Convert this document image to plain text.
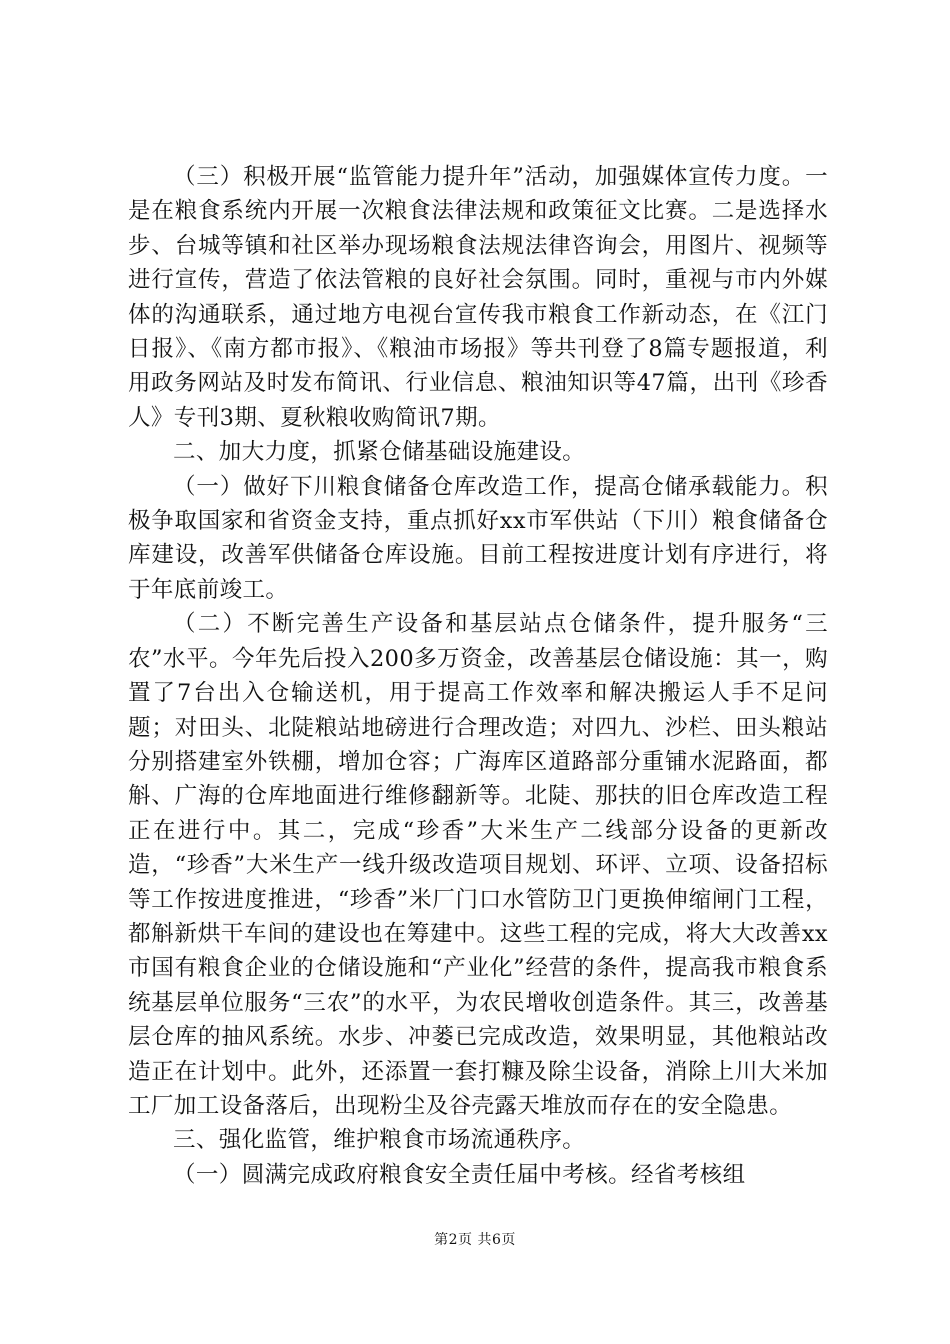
（三）积极开展“监管能力提升年”活动，加强媒体宣传力度。一是在粮食系统内开展一次粮食法律法规和政策征文比赛。二是选择水步、台城等镇和社区举办现场粮食法规法律咨询会，用图片、视频等进行宣传，营造了依法管粮的良好社会氛围。同时，重视与市内外媒体的沟通联系，通过地方电视台宣传我市粮食工作新动态，在《江门日报》、《南方都市报》、《粮油市场报》等共刊登了8篇专题报道，利用政务网站及时发布简讯、行业信息、粮油知识等47篇，出刊《珍香人》专刊3期、夏秋粮收购简讯7期。

二、加大力度，抓紧仓储基础设施建设。

（一）做好下川粮食储备仓库改造工作，提高仓储承载能力。积极争取国家和省资金支持，重点抓好xx市军供站（下川）粮食储备仓库建设，改善军供储备仓库设施。目前工程按进度计划有序进行，将于年底前竣工。

（二）不断完善生产设备和基层站点仓储条件，提升服务“三农”水平。今年先后投入200多万资金，改善基层仓储设施：其一，购置了7台出入仓输送机，用于提高工作效率和解决搬运人手不足问题；对田头、北陡粮站地磅进行合理改造；对四九、沙栏、田头粮站分别搭建室外铁棚，增加仓容；广海库区道路部分重铺水泥路面，都斛、广海的仓库地面进行维修翻新等。北陡、那扶的旧仓库改造工程正在进行中。其二，完成“珍香”大米生产二线部分设备的更新改造，“珍香”大米生产一线升级改造项目规划、环评、立项、设备招标等工作按进度推进，“珍香”米厂门口水管防卫门更换伸缩闸门工程，都斛新烘干车间的建设也在筹建中。这些工程的完成，将大大改善xx市国有粮食企业的仓储设施和“产业化”经营的条件，提高我市粮食系统基层单位服务“三农”的水平，为农民增收创造条件。其三，改善基层仓库的抽风系统。水步、冲蒌已完成改造，效果明显，其他粮站改造正在计划中。此外，还添置一套打糠及除尘设备，消除上川大米加工厂加工设备落后，出现粉尘及谷壳露天堆放而存在的安全隐患。

三、强化监管，维护粮食市场流通秩序。

（一）圆满完成政府粮食安全责任届中考核。经省考核组

第2页 共6页
